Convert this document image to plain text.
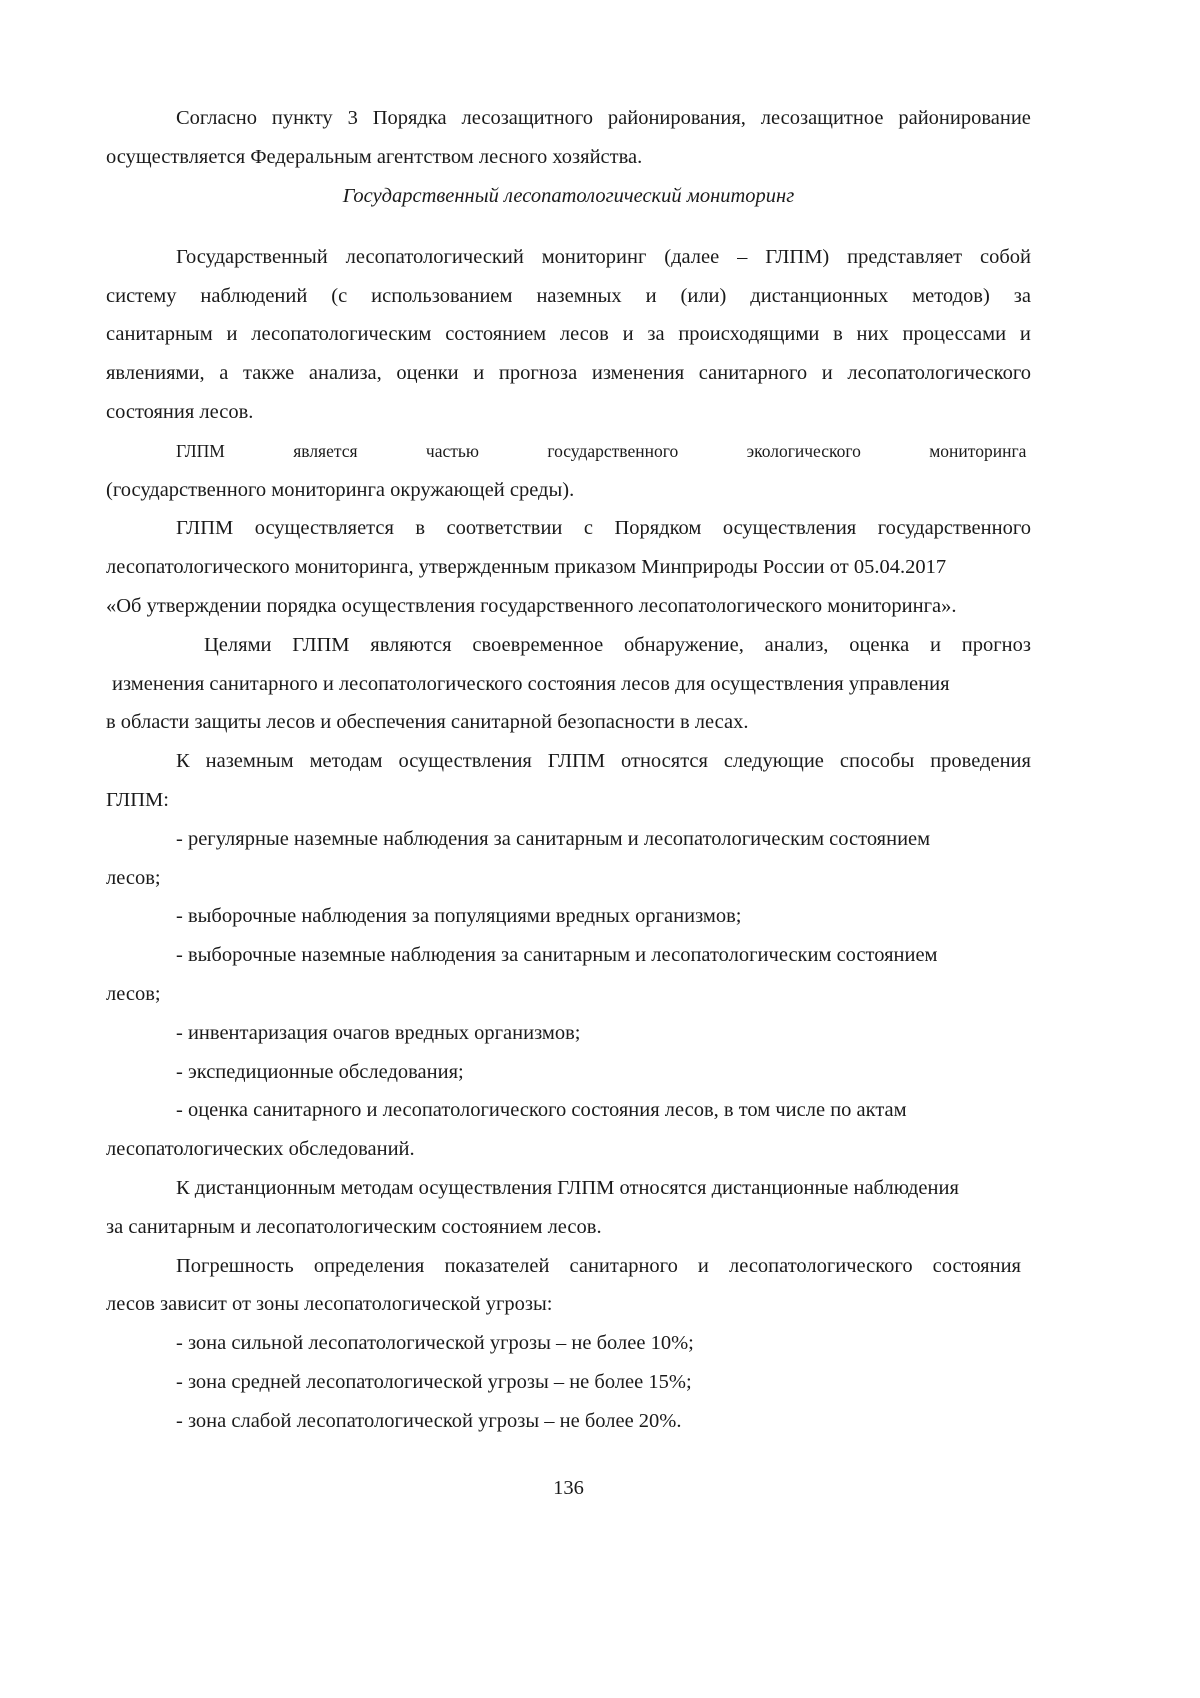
Согласно пункту 3 Порядка лесозащитного районирования, лесозащитное районирование
осуществляется Федеральным агентством лесного хозяйства.
Государственный лесопатологический мониторинг
Государственный лесопатологический мониторинг (далее – ГЛПМ) представляет собой
систему наблюдений (с использованием наземных и (или) дистанционных методов) за
санитарным и лесопатологическим состоянием лесов и за происходящими в них процессами и
явлениями, а также анализа, оценки и прогноза изменения санитарного и лесопатологического
состояния лесов.
ГЛПМ является частью государственного экологического мониторинга
(государственного мониторинга окружающей среды).
ГЛПМ осуществляется в соответствии с Порядком осуществления государственного
лесопатологического мониторинга, утвержденным приказом Минприроды России от 05.04.2017
«Об утверждении порядка осуществления государственного лесопатологического мониторинга».
Целями ГЛПМ являются своевременное обнаружение, анализ, оценка и прогноз
изменения санитарного и лесопатологического состояния лесов для осуществления управления
в области защиты лесов и обеспечения санитарной безопасности в лесах.
К наземным методам осуществления ГЛПМ относятся следующие способы проведения
ГЛПМ:
- регулярные наземные наблюдения за санитарным и лесопатологическим состоянием
лесов;
- выборочные наблюдения за популяциями вредных организмов;
- выборочные наземные наблюдения за санитарным и лесопатологическим состоянием
лесов;
- инвентаризация очагов вредных организмов;
- экспедиционные обследования;
- оценка санитарного и лесопатологического состояния лесов, в том числе по актам
лесопатологических обследований.
К дистанционным методам осуществления ГЛПМ относятся дистанционные наблюдения
за санитарным и лесопатологическим состоянием лесов.
Погрешность определения показателей санитарного и лесопатологического состояния
лесов зависит от зоны лесопатологической угрозы:
- зона сильной лесопатологической угрозы – не более 10%;
- зона средней лесопатологической угрозы – не более 15%;
- зона слабой лесопатологической угрозы – не более 20%.
136
